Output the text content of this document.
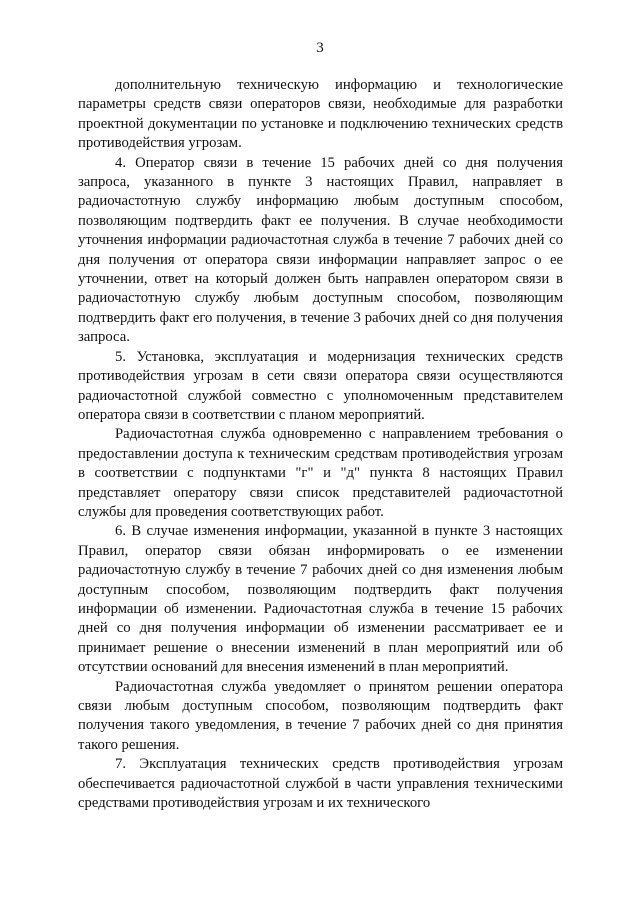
3

дополнительную техническую информацию и технологические параметры средств связи операторов связи, необходимые для разработки проектной документации по установке и подключению технических средств противодействия угрозам.

4. Оператор связи в течение 15 рабочих дней со дня получения запроса, указанного в пункте 3 настоящих Правил, направляет в радиочастотную службу информацию любым доступным способом, позволяющим подтвердить факт ее получения. В случае необходимости уточнения информации радиочастотная служба в течение 7 рабочих дней со дня получения от оператора связи информации направляет запрос о ее уточнении, ответ на который должен быть направлен оператором связи в радиочастотную службу любым доступным способом, позволяющим подтвердить факт его получения, в течение 3 рабочих дней со дня получения запроса.

5. Установка, эксплуатация и модернизация технических средств противодействия угрозам в сети связи оператора связи осуществляются радиочастотной службой совместно с уполномоченным представителем оператора связи в соответствии с планом мероприятий.

Радиочастотная служба одновременно с направлением требования о предоставлении доступа к техническим средствам противодействия угрозам в соответствии с подпунктами "г" и "д" пункта 8 настоящих Правил представляет оператору связи список представителей радиочастотной службы для проведения соответствующих работ.

6. В случае изменения информации, указанной в пункте 3 настоящих Правил, оператор связи обязан информировать о ее изменении радиочастотную службу в течение 7 рабочих дней со дня изменения любым доступным способом, позволяющим подтвердить факт получения информации об изменении. Радиочастотная служба в течение 15 рабочих дней со дня получения информации об изменении рассматривает ее и принимает решение о внесении изменений в план мероприятий или об отсутствии оснований для внесения изменений в план мероприятий.

Радиочастотная служба уведомляет о принятом решении оператора связи любым доступным способом, позволяющим подтвердить факт получения такого уведомления, в течение 7 рабочих дней со дня принятия такого решения.

7. Эксплуатация технических средств противодействия угрозам обеспечивается радиочастотной службой в части управления техническими средствами противодействия угрозам и их технического
